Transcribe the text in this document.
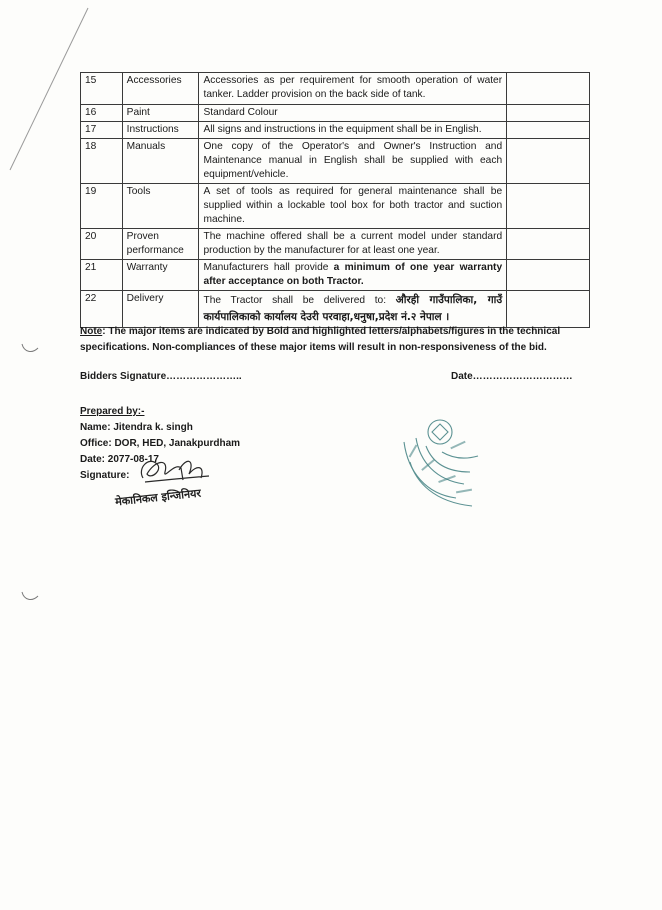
15	Accessories	Accessories as per requirement for smooth operation of water tanker. Ladder provision on the back side of tank.	
16	Paint	Standard Colour	
17	Instructions	All signs and instructions in the equipment shall be in English.	
18	Manuals	One copy of the Operator's and Owner's Instruction and Maintenance manual in English shall be supplied with each equipment/vehicle.	
19	Tools	A set of tools as required for general maintenance shall be supplied within a lockable tool box for both tractor and suction machine.	
20	Proven performance	The machine offered shall be a current model under standard production by the manufacturer for at least one year.	
21	Warranty	Manufacturers hall provide a minimum of one year warranty after acceptance on both Tractor.	
22	Delivery	The Tractor shall be delivered to: औरही गाउँपालिका, गाउँ कार्यपालिकाको कार्यालय देउरी परवाहा,धनुषा,प्रदेश नं.२ नेपाल ।	
Note: The major items are indicated by Bold and highlighted letters/alphabets/figures in the technical specifications. Non-compliances of these major items will result in non-responsiveness of the bid.
Bidders Signature…………………..	Date…………………………
Prepared by:-
Name: Jitendra k. singh
Office: DOR, HED, Janakpurdham
Date: 2077-08-17
Signature:
मेकानिकल इन्जिनियर
